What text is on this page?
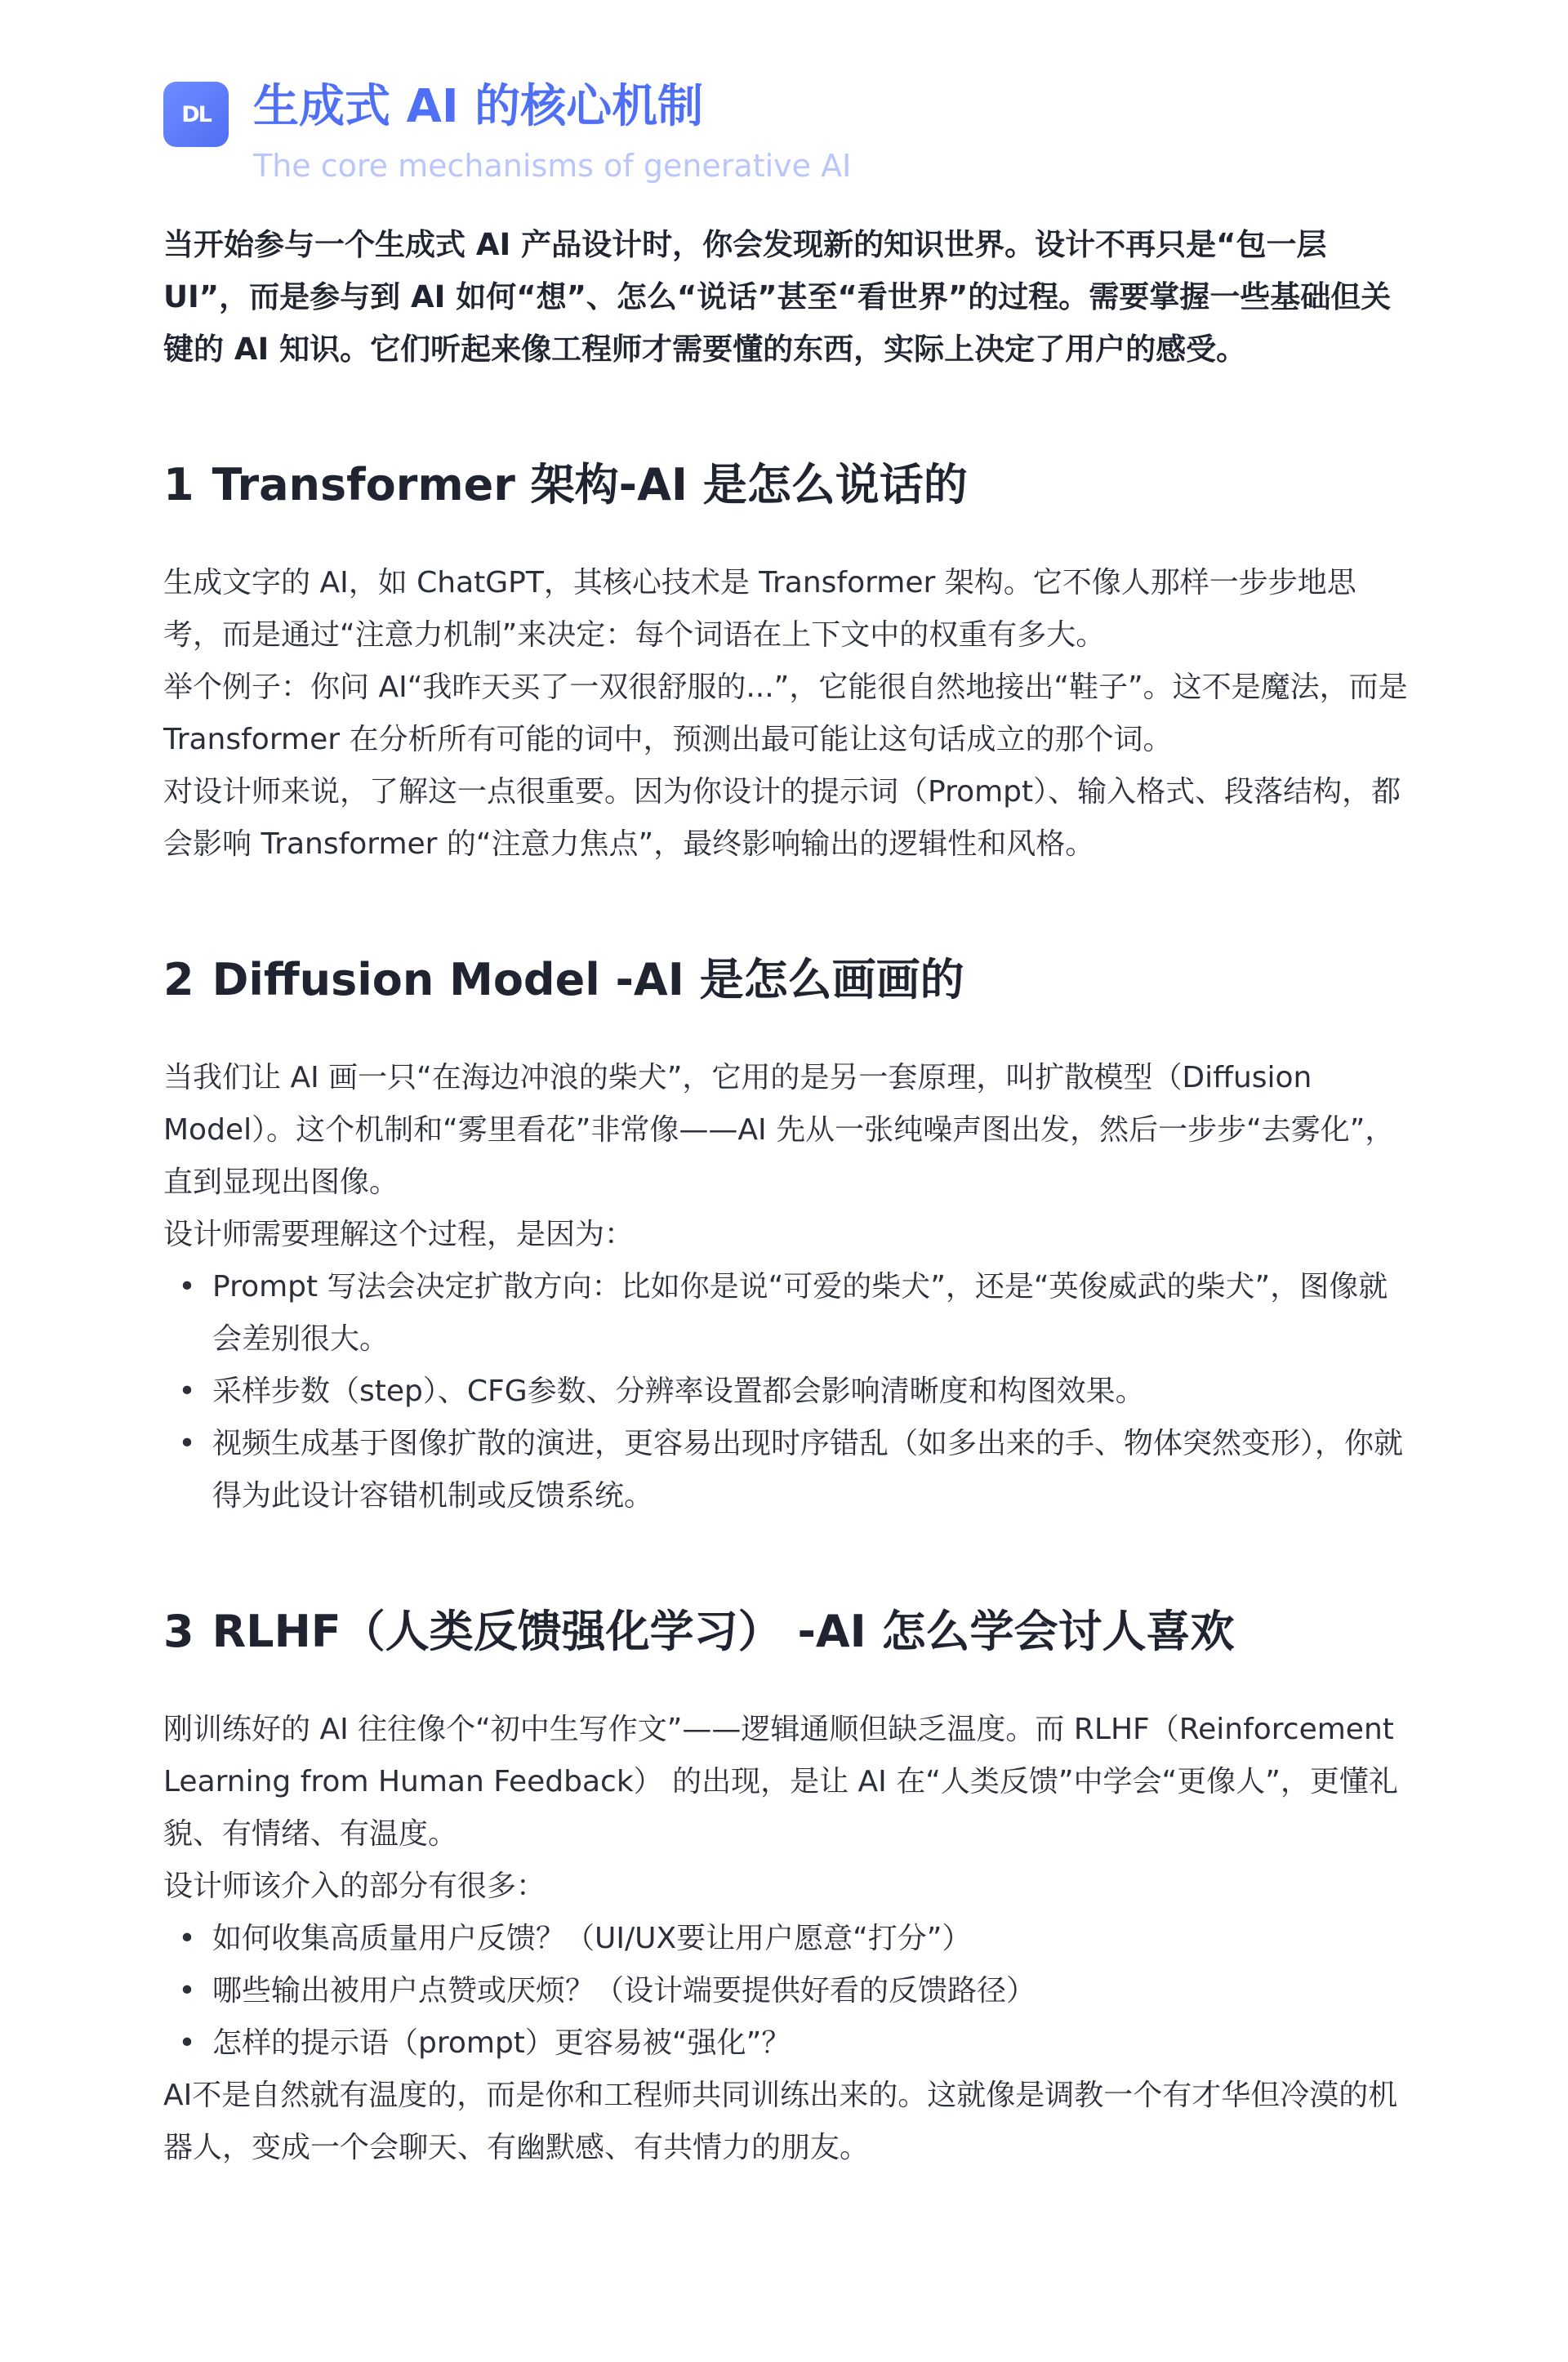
DL 生成式 AI 的核心机制

The core mechanisms of generative AI

当开始参与一个生成式 AI 产品设计时，你会发现新的知识世界。设计不再只是“包一层 UI”，而是参与到 AI 如何“想”、怎么“说话”甚至“看世界”的过程。需要掌握一些基础但关键的 AI 知识。它们听起来像工程师才需要懂的东西，实际上决定了用户的感受。

1 Transformer 架构-AI 是怎么说话的

生成文字的 AI，如 ChatGPT，其核心技术是 Transformer 架构。它不像人那样一步步地思考，而是通过“注意力机制”来决定：每个词语在上下文中的权重有多大。

举个例子：你问 AI“我昨天买了一双很舒服的...”，它能很自然地接出“鞋子”。这不是魔法，而是 Transformer 在分析所有可能的词中，预测出最可能让这句话成立的那个词。

对设计师来说，了解这一点很重要。因为你设计的提示词（Prompt）、输入格式、段落结构，都会影响 Transformer 的“注意力焦点”，最终影响输出的逻辑性和风格。

2 Diffusion Model -AI 是怎么画画的

当我们让 AI 画一只“在海边冲浪的柴犬”，它用的是另一套原理，叫扩散模型（Diffusion Model）。这个机制和“雾里看花”非常像——AI 先从一张纯噪声图出发，然后一步步“去雾化”，直到显现出图像。

设计师需要理解这个过程，是因为：

• Prompt 写法会决定扩散方向：比如你是说“可爱的柴犬”，还是“英俊威武的柴犬”，图像就会差别很大。
• 采样步数（step）、CFG参数、分辨率设置都会影响清晰度和构图效果。
• 视频生成基于图像扩散的演进，更容易出现时序错乱（如多出来的手、物体突然变形），你就得为此设计容错机制或反馈系统。
3 RLHF（人类反馈强化学习） -AI 怎么学会讨人喜欢

刚训练好的 AI 往往像个“初中生写作文”——逻辑通顺但缺乏温度。而 RLHF（Reinforcement Learning from Human Feedback） 的出现，是让 AI 在“人类反馈”中学会“更像人”，更懂礼貌、有情绪、有温度。

设计师该介入的部分有很多：

• 如何收集高质量用户反馈？（UI/UX要让用户愿意“打分”）
• 哪些输出被用户点赞或厌烦？（设计端要提供好看的反馈路径）
• 怎样的提示语（prompt）更容易被“强化”？

AI不是自然就有温度的，而是你和工程师共同训练出来的。这就像是调教一个有才华但冷漠的机器人，变成一个会聊天、有幽默感、有共情力的朋友。
